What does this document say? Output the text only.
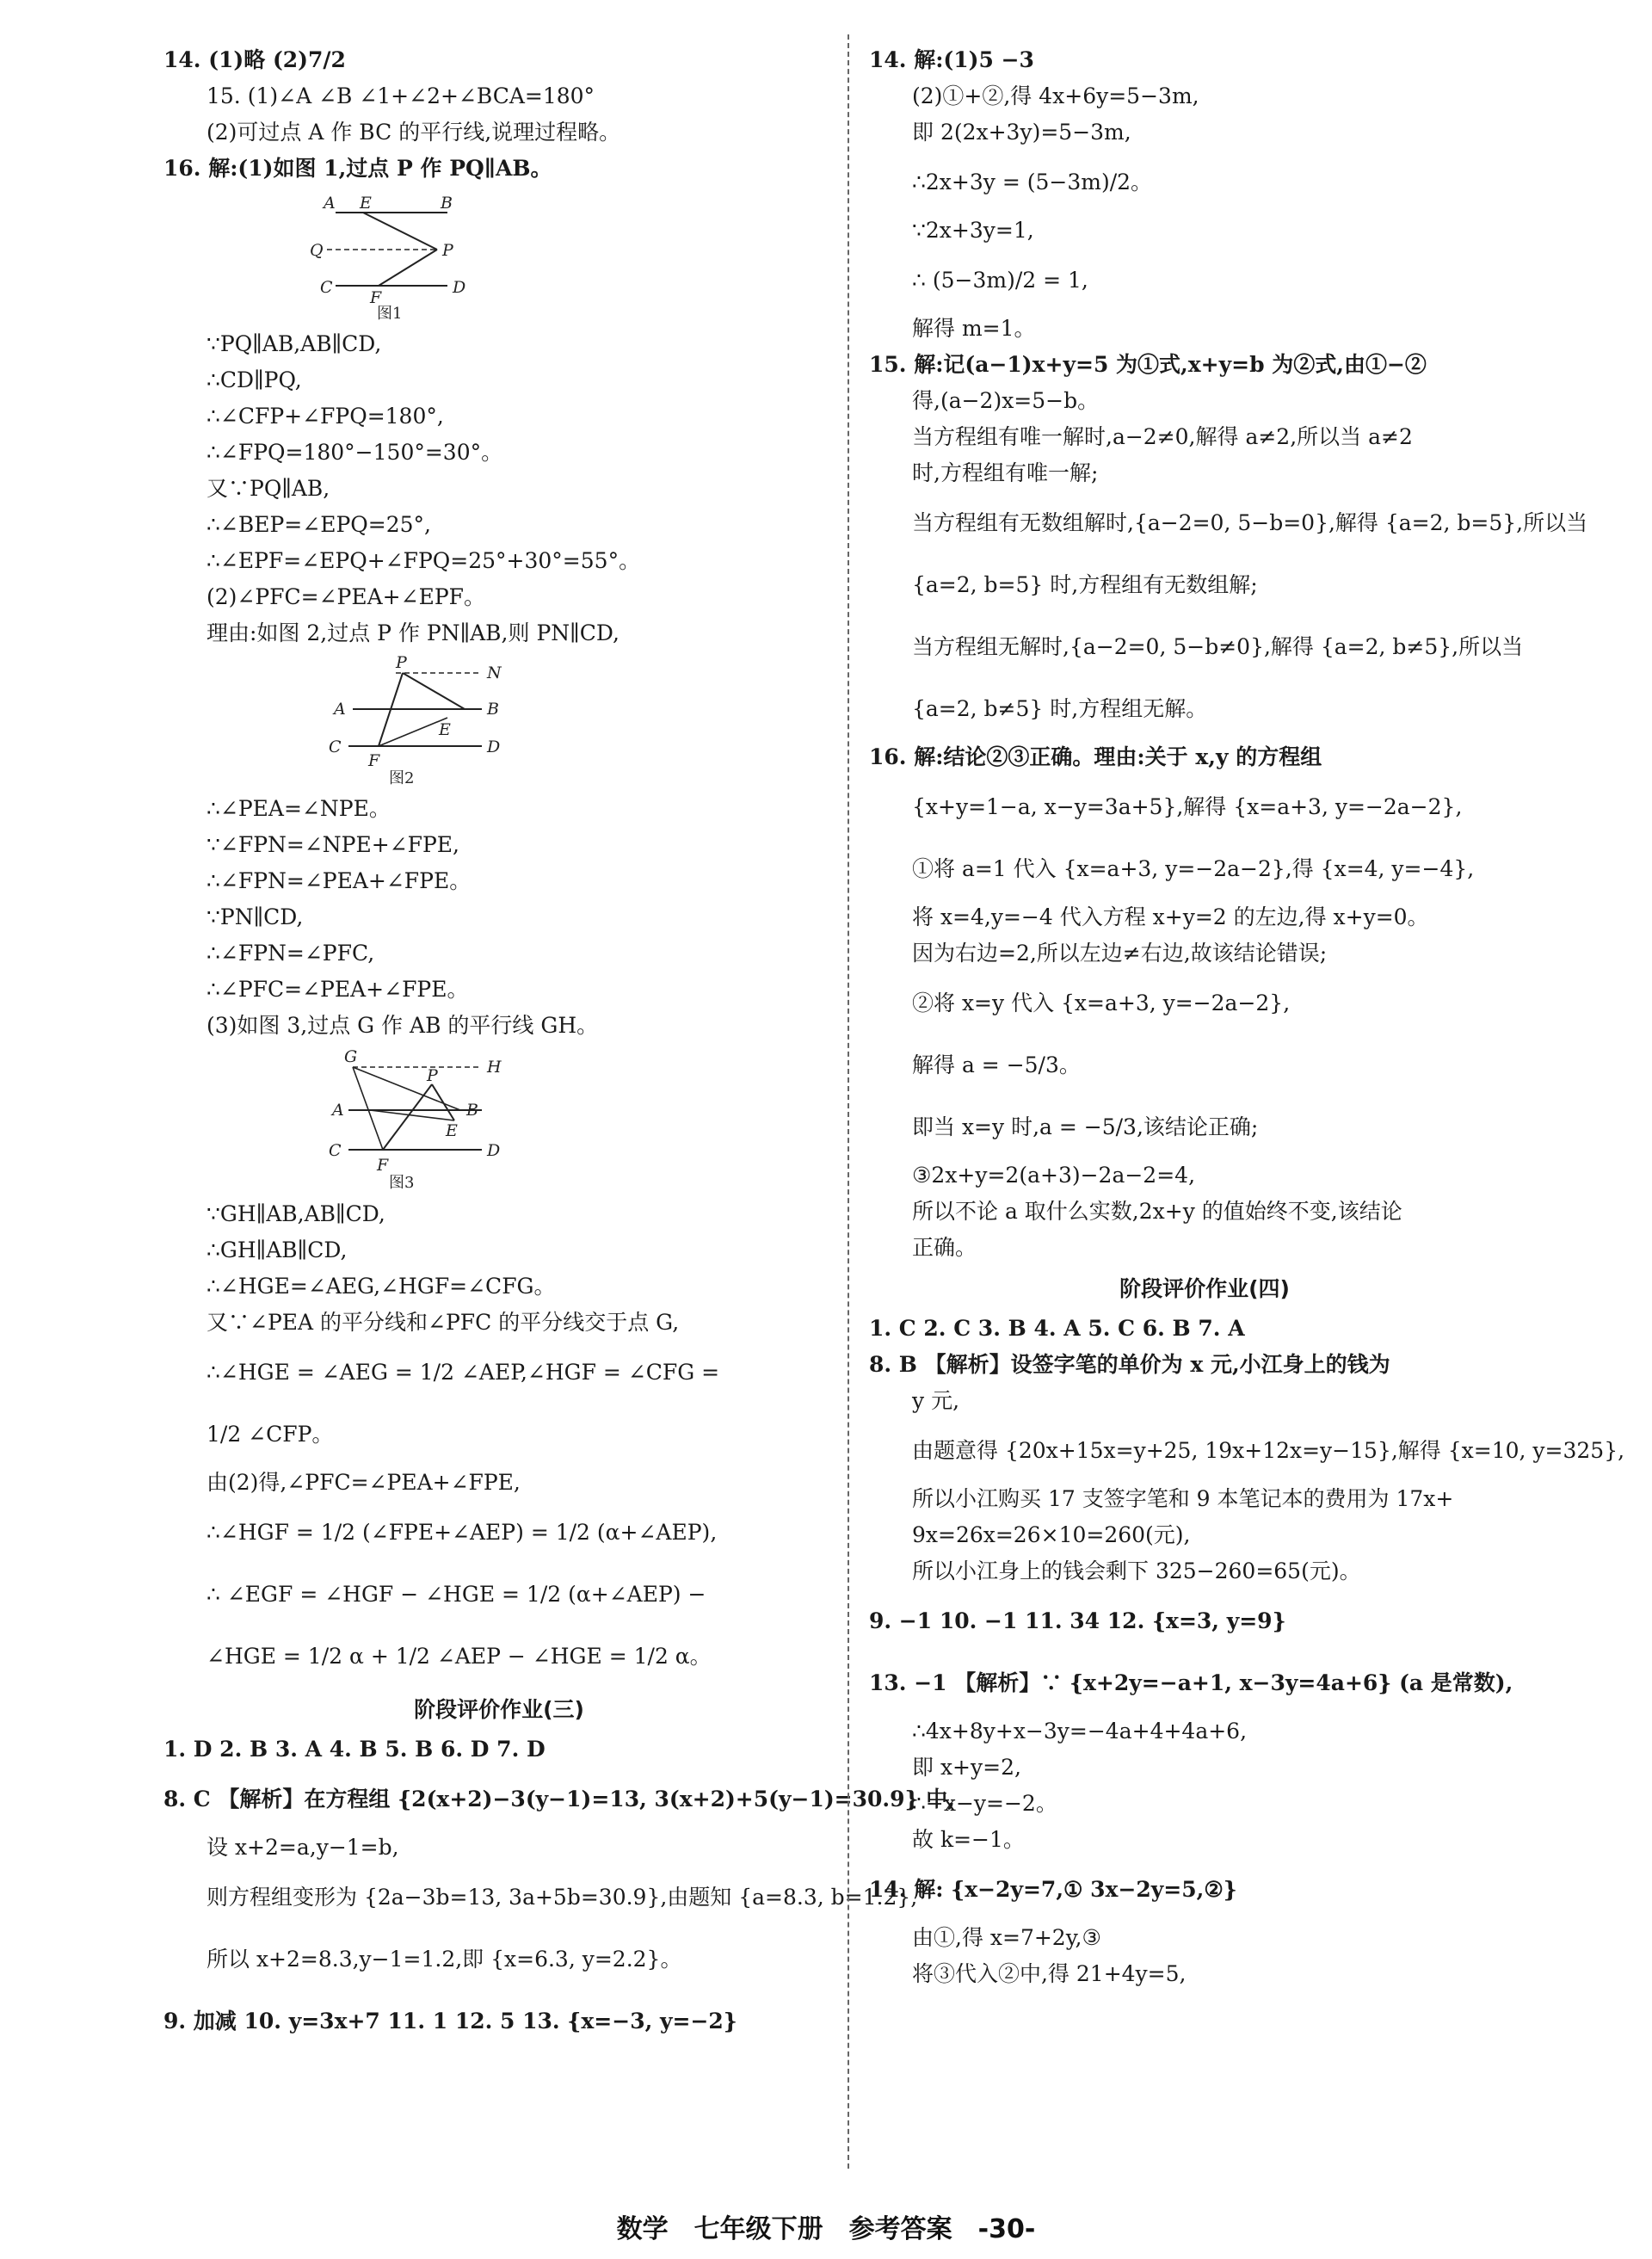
14. (1)略 (2)7/2
15. (1)∠A ∠B ∠1+∠2+∠BCA=180°
(2)可过点 A 作 BC 的平行线,说理过程略。
16. 解:(1)如图 1,过点 P 作 PQ∥AB。
A E	B
Q	P
C
F
D
图1
∵PQ∥AB,AB∥CD,
∴CD∥PQ,
∴∠CFP+∠FPQ=180°,
∴∠FPQ=180°−150°=30°。
又∵PQ∥AB,
∴∠BEP=∠EPQ=25°,
∴∠EPF=∠EPQ+∠FPQ=25°+30°=55°。
(2)∠PFC=∠PEA+∠EPF。
理由:如图 2,过点 P 作 PN∥AB,则 PN∥CD,
P
N
A	B
E
C	D
F
图2
∴∠PEA=∠NPE。
∵∠FPN=∠NPE+∠FPE,
∴∠FPN=∠PEA+∠FPE。
∵PN∥CD,
∴∠FPN=∠PFC,
∴∠PFC=∠PEA+∠FPE。
(3)如图 3,过点 G 作 AB 的平行线 GH。
G
H
P
A	B
E
C	D
F
图3
∵GH∥AB,AB∥CD,
∴GH∥AB∥CD,
∴∠HGE=∠AEG,∠HGF=∠CFG。
又∵∠PEA 的平分线和∠PFC 的平分线交于点 G,
∴∠HGE = ∠AEG = 1/2 ∠AEP,∠HGF = ∠CFG =
1/2 ∠CFP。
由(2)得,∠PFC=∠PEA+∠FPE,
∴∠HGF = 1/2 (∠FPE+∠AEP) = 1/2 (α+∠AEP),
∴ ∠EGF = ∠HGF − ∠HGE = 1/2 (α+∠AEP) −
∠HGE = 1/2 α + 1/2 ∠AEP − ∠HGE = 1/2 α。
阶段评价作业(三)
1. D 2. B 3. A 4. B 5. B 6. D 7. D
8. C 【解析】在方程组 {2(x+2)−3(y−1)=13, 3(x+2)+5(y−1)=30.9} 中,
设 x+2=a,y−1=b,
则方程组变形为 {2a−3b=13, 3a+5b=30.9},由题知 {a=8.3, b=1.2},
所以 x+2=8.3,y−1=1.2,即 {x=6.3, y=2.2}。
9. 加减 10. y=3x+7 11. 1 12. 5 13. {x=−3, y=−2}
14. 解:(1)5 −3
(2)①+②,得 4x+6y=5−3m,
即 2(2x+3y)=5−3m,
∴2x+3y = (5−3m)/2。
∵2x+3y=1,
∴ (5−3m)/2 = 1,
解得 m=1。
15. 解:记(a−1)x+y=5 为①式,x+y=b 为②式,由①−②
得,(a−2)x=5−b。
当方程组有唯一解时,a−2≠0,解得 a≠2,所以当 a≠2
时,方程组有唯一解;
当方程组有无数组解时,{a−2=0, 5−b=0},解得 {a=2, b=5},所以当
{a=2, b=5} 时,方程组有无数组解;
当方程组无解时,{a−2=0, 5−b≠0},解得 {a=2, b≠5},所以当
{a=2, b≠5} 时,方程组无解。
16. 解:结论②③正确。理由:关于 x,y 的方程组
{x+y=1−a, x−y=3a+5},解得 {x=a+3, y=−2a−2},
①将 a=1 代入 {x=a+3, y=−2a−2},得 {x=4, y=−4},
将 x=4,y=−4 代入方程 x+y=2 的左边,得 x+y=0。
因为右边=2,所以左边≠右边,故该结论错误;
②将 x=y 代入 {x=a+3, y=−2a−2},
解得 a = −5/3。
即当 x=y 时,a = −5/3,该结论正确;
③2x+y=2(a+3)−2a−2=4,
所以不论 a 取什么实数,2x+y 的值始终不变,该结论
正确。
阶段评价作业(四)
1. C 2. C 3. B 4. A 5. C 6. B 7. A
8. B 【解析】设签字笔的单价为 x 元,小江身上的钱为
y 元,
由题意得 {20x+15x=y+25, 19x+12x=y−15},解得 {x=10, y=325},
所以小江购买 17 支签字笔和 9 本笔记本的费用为 17x+
9x=26x=26×10=260(元),
所以小江身上的钱会剩下 325−260=65(元)。
9. −1 10. −1 11. 34 12. {x=3, y=9}
13. −1 【解析】∵ {x+2y=−a+1, x−3y=4a+6} (a 是常数),
∴4x+8y+x−3y=−4a+4+4a+6,
即 x+y=2,
∴−x−y=−2。
故 k=−1。
14. 解: {x−2y=7,① 3x−2y=5,②}
由①,得 x=7+2y,③
将③代入②中,得 21+4y=5,
数学　七年级下册　参考答案　-30-
